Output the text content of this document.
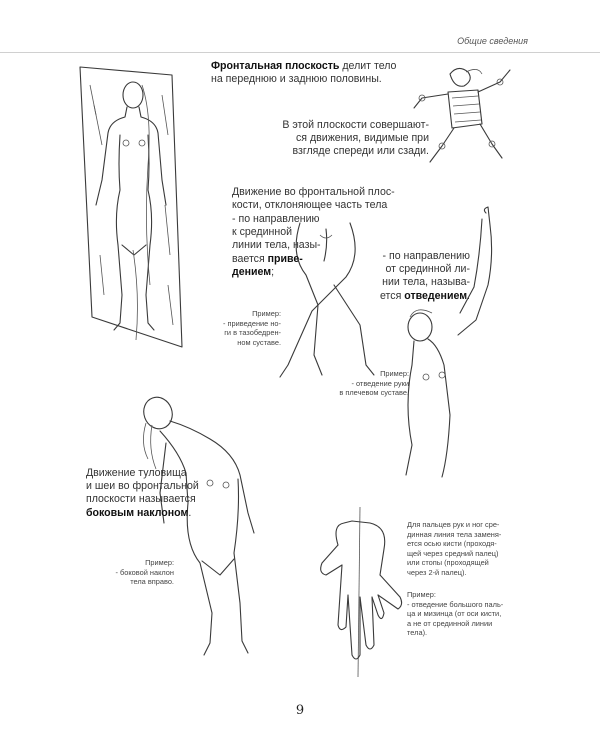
Общие сведения
Фронтальная плоскость делит тело
на переднюю и заднюю половины.
В этой плоскости совершают-
ся движения, видимые при
взгляде спереди или сзади.
Движение во фронтальной плос-
кости, отклоняющее часть тела
- по направлению
к срединной
линии тела, назы-
вается приве-
дением;
- по направлению
от срединной ли-
нии тела, называ-
ется отведением.
Пример:
- приведение но-
ги в тазобедрен-
ном суставе.
Пример:
- отведение руки
в плечевом суставе.
Движение туловища
и шеи во фронтальной
плоскости называется
боковым наклоном.
Пример:
- боковой наклон
тела вправо.
Для пальцев рук и ног сре-
динная линия тела заменя-
ется осью кисти (проходя-
щей через средний палец)
или стопы (проходящей
через 2-й палец).
Пример:
- отведение большого паль-
ца и мизинца (от оси кисти,
а не от срединной линии
тела).
9
